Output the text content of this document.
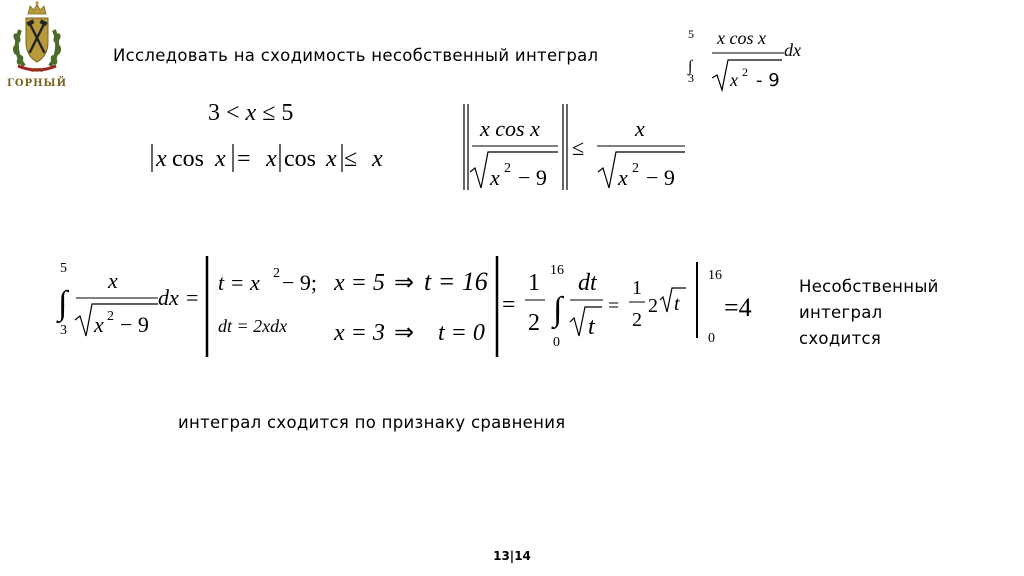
1773
ГОРНЫЙ
Исследовать на сходимость несобственный интеграл
5
∫
3
x cos x
dx
x 2 - 9
3 < x ≤ 5
x cos x = x cos x ≤ x
x cos x
x 2 − 9
≤
x
x 2 − 9
5
∫
3
x
x 2 − 9
dx =
t = x 2 − 9; x = 5 ⇒ t = 16
dt = 2xdx x = 3 ⇒ t = 0
=
1
2
16
∫
0
dt
t
=
1
2
2 t
16
0
=4
Несобственный
интеграл
сходится
интеграл сходится по признаку сравнения
13|14
